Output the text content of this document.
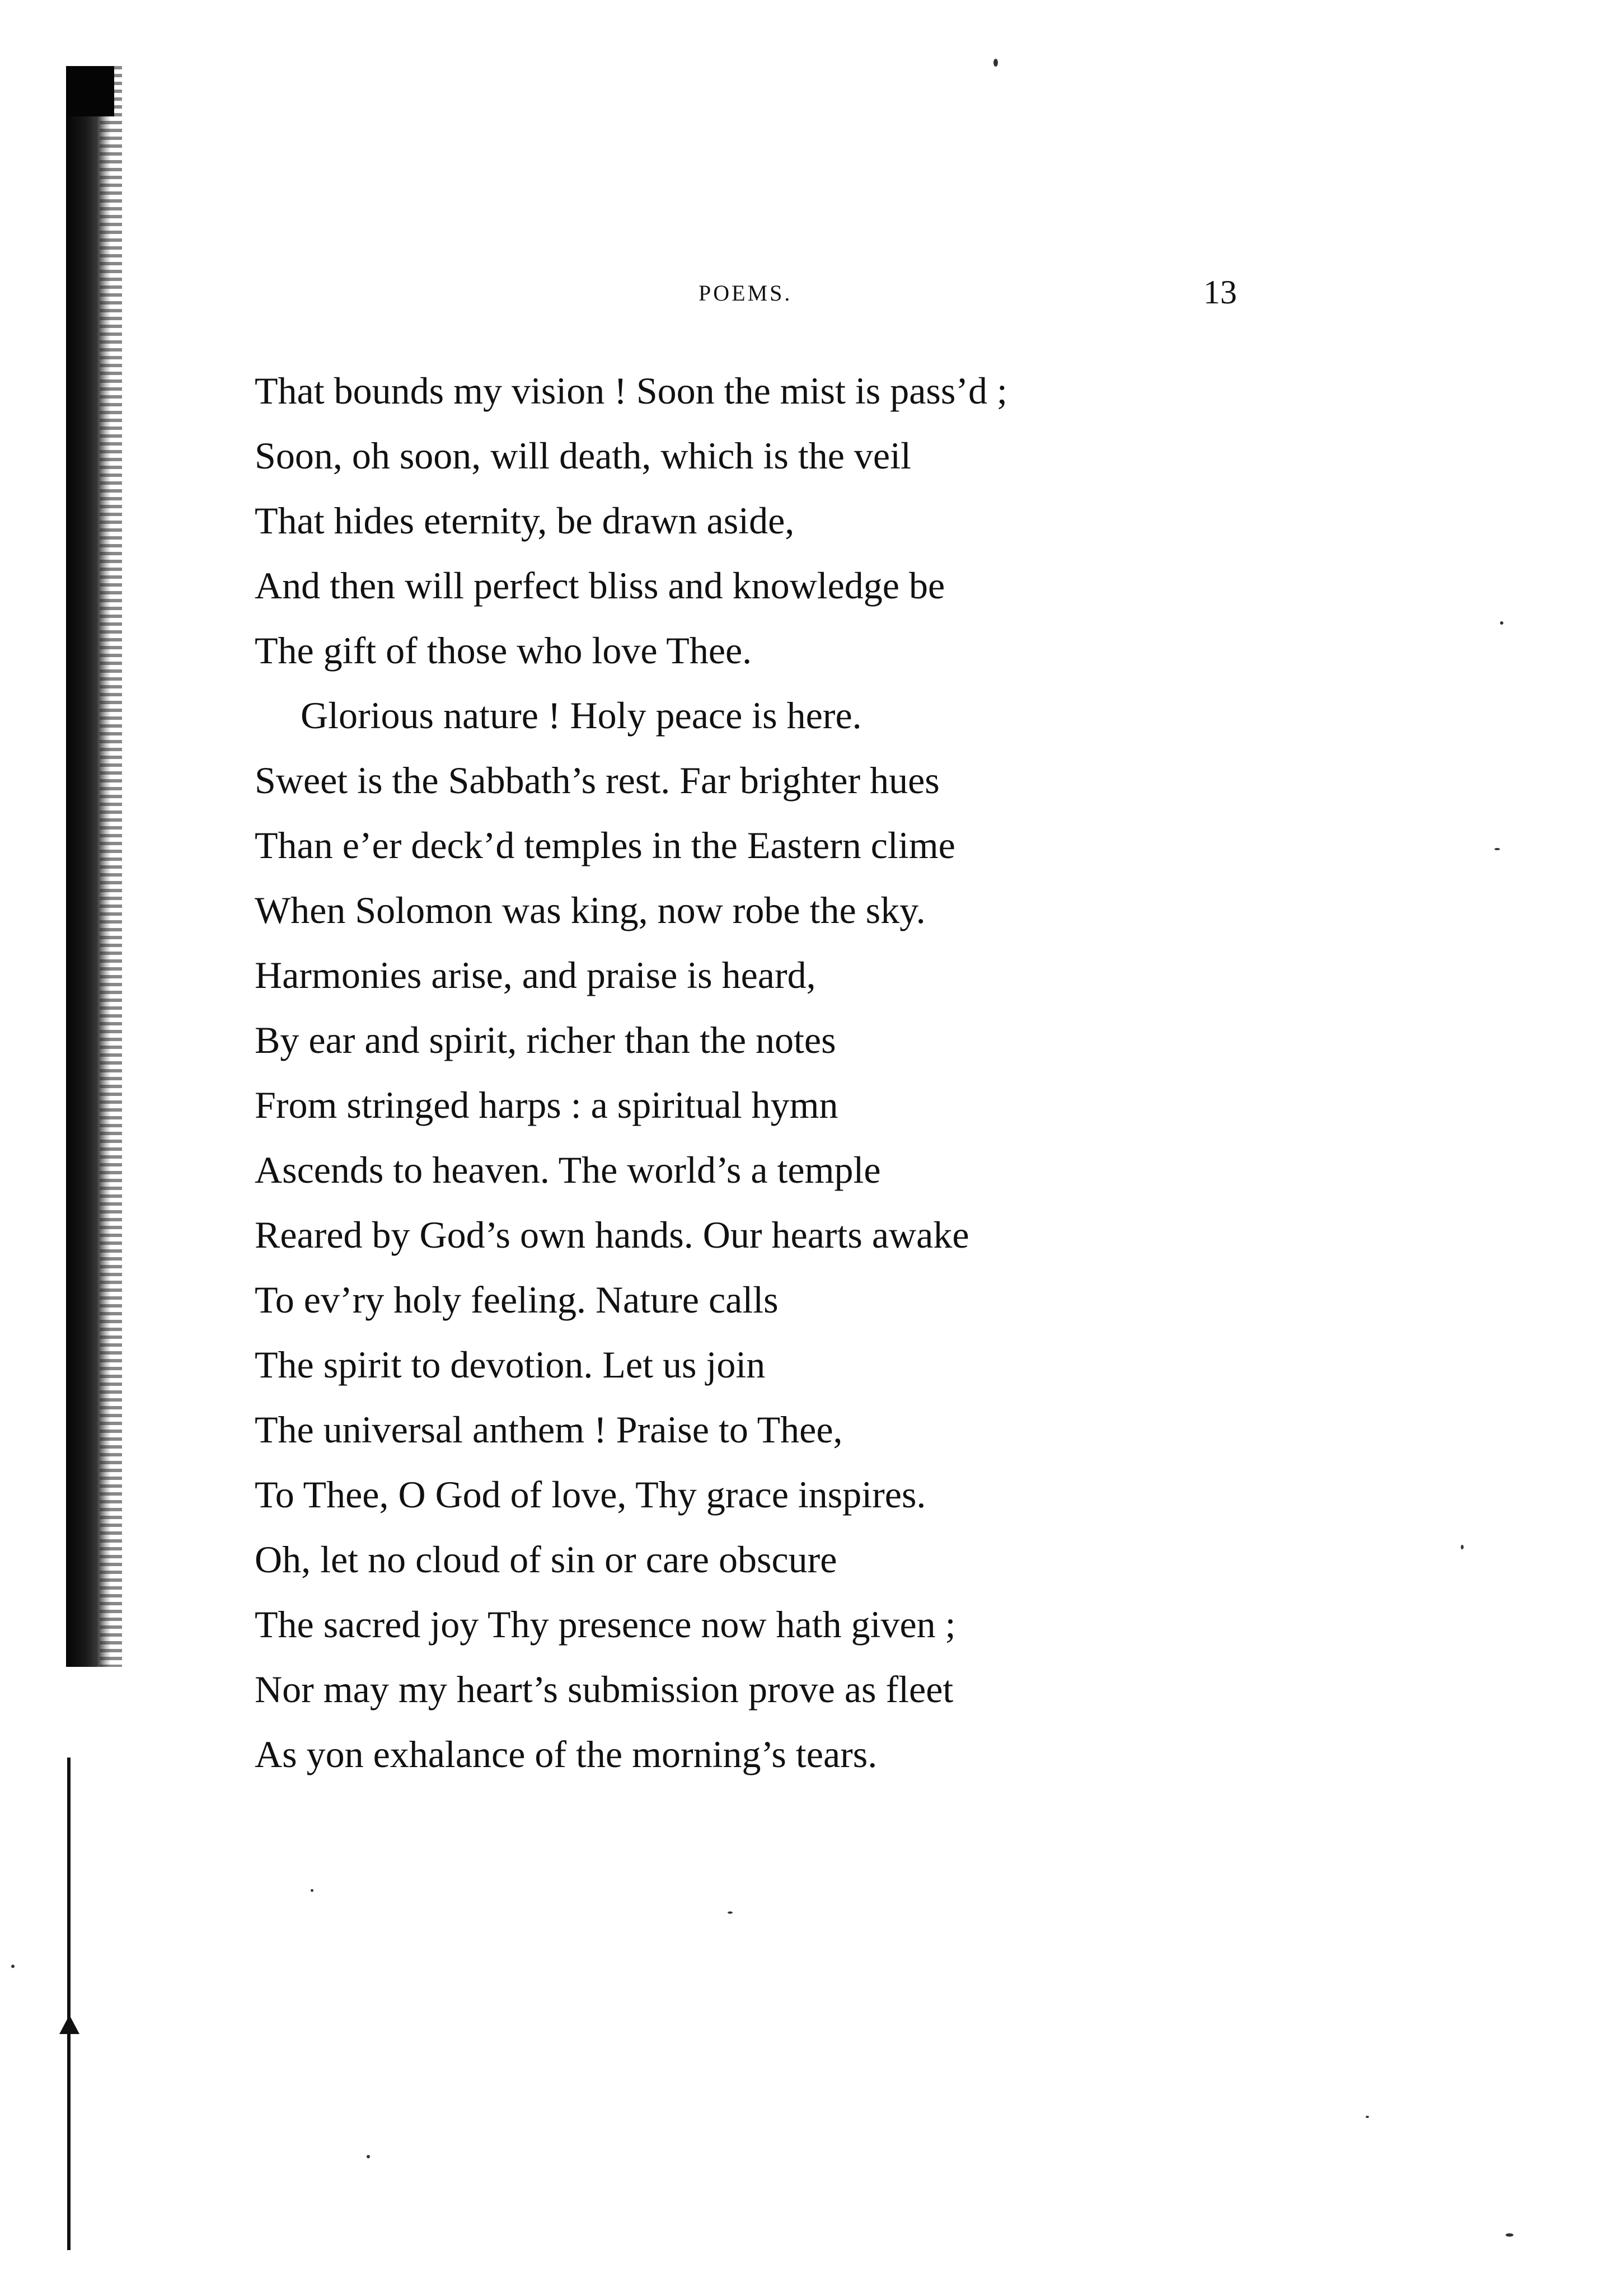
POEMS.	13
That bounds my vision ! Soon the mist is pass’d ;
Soon, oh soon, will death, which is the veil
That hides eternity, be drawn aside,
And then will perfect bliss and knowledge be
The gift of those who love Thee.
Glorious nature ! Holy peace is here.
Sweet is the Sabbath’s rest. Far brighter hues
Than e’er deck’d temples in the Eastern clime
When Solomon was king, now robe the sky.
Harmonies arise, and praise is heard,
By ear and spirit, richer than the notes
From stringed harps : a spiritual hymn
Ascends to heaven. The world’s a temple
Reared by God’s own hands. Our hearts awake
To ev’ry holy feeling. Nature calls
The spirit to devotion. Let us join
The universal anthem ! Praise to Thee,
To Thee, O God of love, Thy grace inspires.
Oh, let no cloud of sin or care obscure
The sacred joy Thy presence now hath given ;
Nor may my heart’s submission prove as fleet
As yon exhalance of the morning’s tears.
